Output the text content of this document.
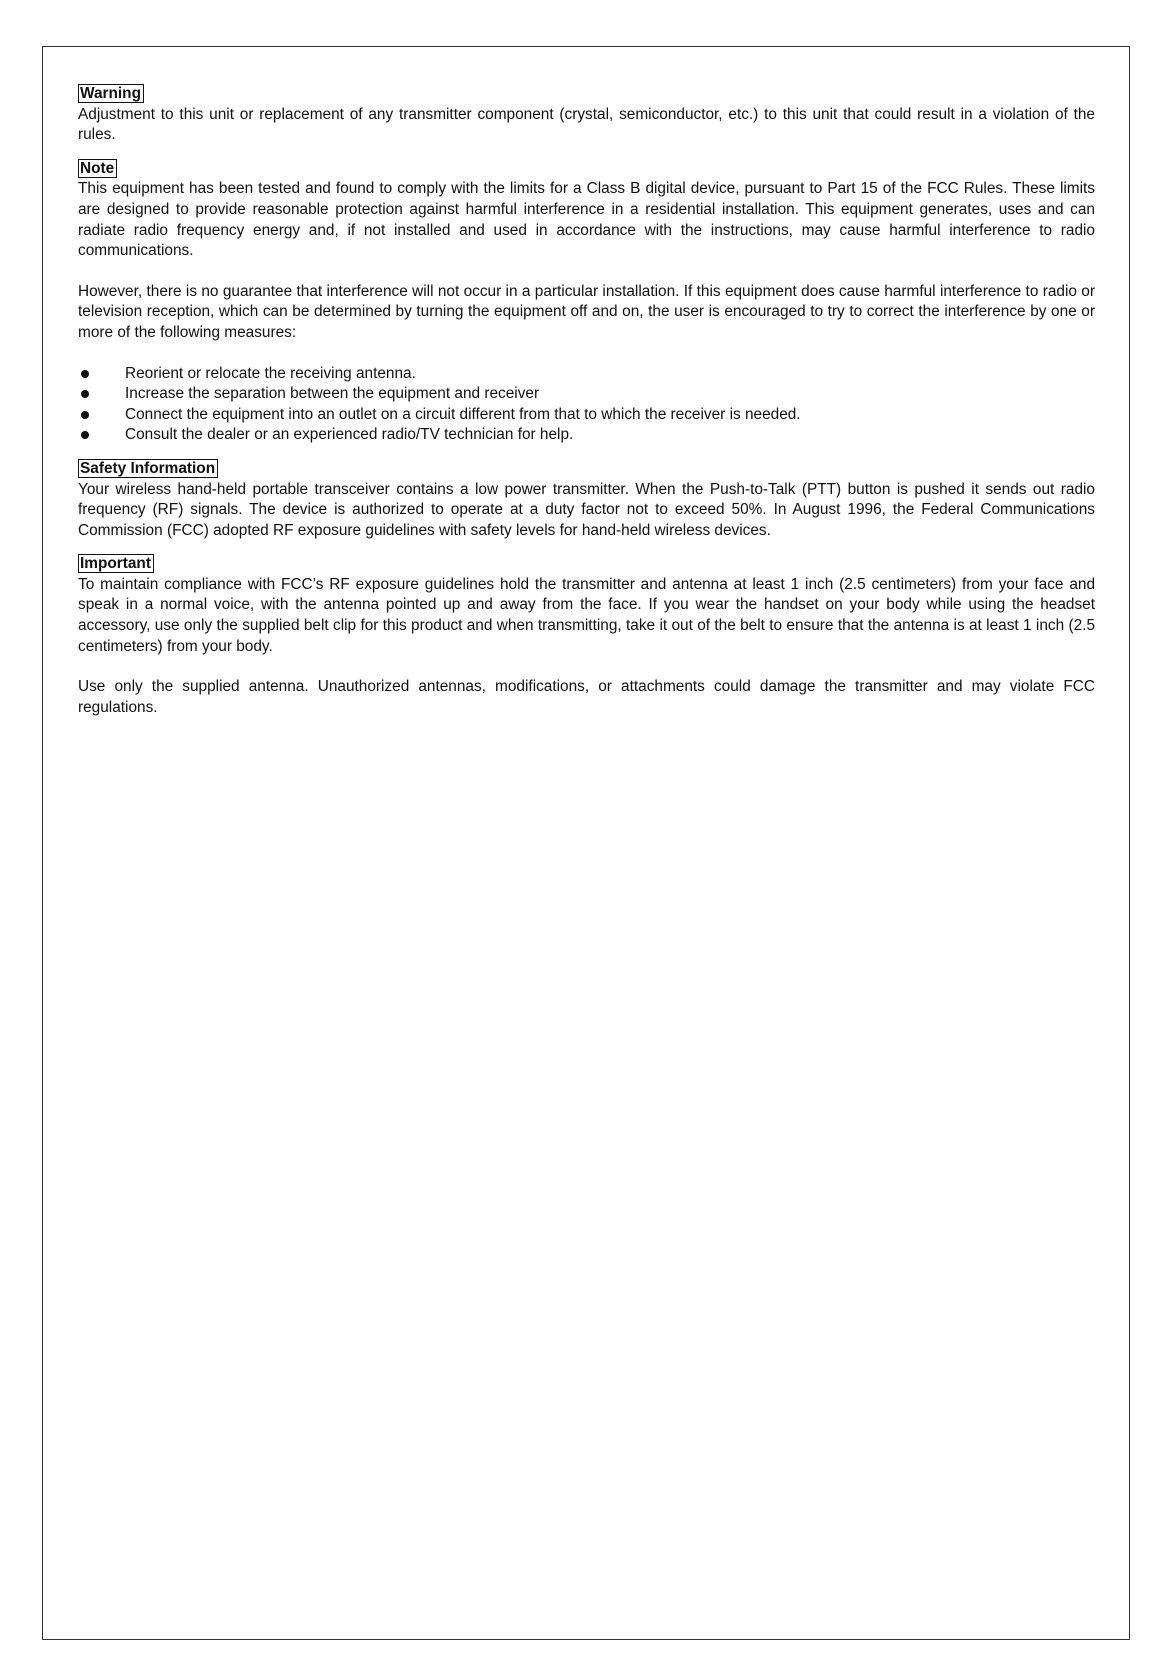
Warning

Adjustment to this unit or replacement of any transmitter component (crystal, semiconductor, etc.) to this unit that could result in a violation of the rules.

Note

This equipment has been tested and found to comply with the limits for a Class B digital device, pursuant to Part 15 of the FCC Rules. These limits are designed to provide reasonable protection against harmful interference in a residential installation. This equipment generates, uses and can radiate radio frequency energy and, if not installed and used in accordance with the instructions, may cause harmful interference to radio communications.

However, there is no guarantee that interference will not occur in a particular installation. If this equipment does cause harmful interference to radio or television reception, which can be determined by turning the equipment off and on, the user is encouraged to try to correct the interference by one or more of the following measures:

Reorient or relocate the receiving antenna.
Increase the separation between the equipment and receiver
Connect the equipment into an outlet on a circuit different from that to which the receiver is needed.
Consult the dealer or an experienced radio/TV technician for help.
Safety Information

Your wireless hand-held portable transceiver contains a low power transmitter. When the Push-to-Talk (PTT) button is pushed it sends out radio frequency (RF) signals. The device is authorized to operate at a duty factor not to exceed 50%. In August 1996, the Federal Communications Commission (FCC) adopted RF exposure guidelines with safety levels for hand-held wireless devices.

Important

To maintain compliance with FCC’s RF exposure guidelines hold the transmitter and antenna at least 1 inch (2.5 centimeters) from your face and speak in a normal voice, with the antenna pointed up and away from the face. If you wear the handset on your body while using the headset accessory, use only the supplied belt clip for this product and when transmitting, take it out of the belt to ensure that the antenna is at least 1 inch (2.5 centimeters) from your body.

Use only the supplied antenna. Unauthorized antennas, modifications, or attachments could damage the transmitter and may violate FCC regulations.
